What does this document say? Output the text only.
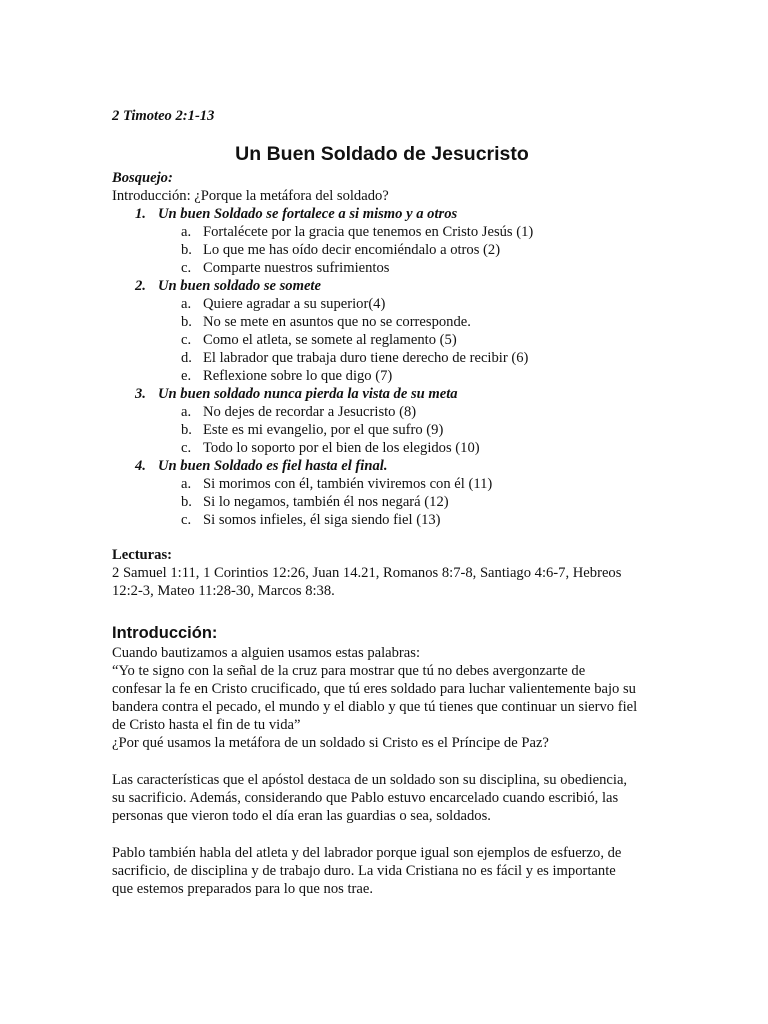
2 Timoteo 2:1-13
Un Buen Soldado de Jesucristo
Bosquejo:
Introducción: ¿Porque la metáfora del soldado?
1. Un buen Soldado se fortalece a si mismo y a otros
a. Fortalécete por la gracia que tenemos en Cristo Jesús (1)
b. Lo que me has oído decir encomiéndalo a otros (2)
c. Comparte nuestros sufrimientos
2. Un buen soldado se somete
a. Quiere agradar a su superior(4)
b. No se mete en asuntos que no se corresponde.
c. Como el atleta, se somete al reglamento (5)
d. El labrador que trabaja duro tiene derecho de recibir (6)
e. Reflexione sobre lo que digo (7)
3. Un buen soldado nunca pierda la vista de su meta
a. No dejes de recordar a Jesucristo (8)
b. Este es mi evangelio, por el que sufro (9)
c. Todo lo soporto por el bien de los elegidos (10)
4. Un buen Soldado es fiel hasta el final.
a. Si morimos con él, también viviremos con él (11)
b. Si lo negamos, también él nos negará (12)
c. Si somos infieles, él siga siendo fiel (13)
Lecturas:
2 Samuel 1:11, 1 Corintios 12:26, Juan 14.21, Romanos 8:7-8, Santiago 4:6-7, Hebreos
12:2-3, Mateo 11:28-30, Marcos 8:38.
Introducción:
Cuando bautizamos a alguien usamos estas palabras:
“Yo te signo con la señal de la cruz para mostrar que tú no debes avergonzarte de
confesar la fe en Cristo crucificado, que tú eres soldado para luchar valientemente bajo su
bandera contra el pecado, el mundo y el diablo y que tú tienes que continuar un siervo fiel
de Cristo hasta el fin de tu vida”
¿Por qué usamos la metáfora de un soldado si Cristo es el Príncipe de Paz?
Las características que el apóstol destaca de un soldado son su disciplina, su obediencia,
su sacrificio. Además, considerando que Pablo estuvo encarcelado cuando escribió, las
personas que vieron todo el día eran las guardias o sea, soldados.
Pablo también habla del atleta y del labrador porque igual son ejemplos de esfuerzo, de
sacrificio, de disciplina y de trabajo duro. La vida Cristiana no es fácil y es importante
que estemos preparados para lo que nos trae.
